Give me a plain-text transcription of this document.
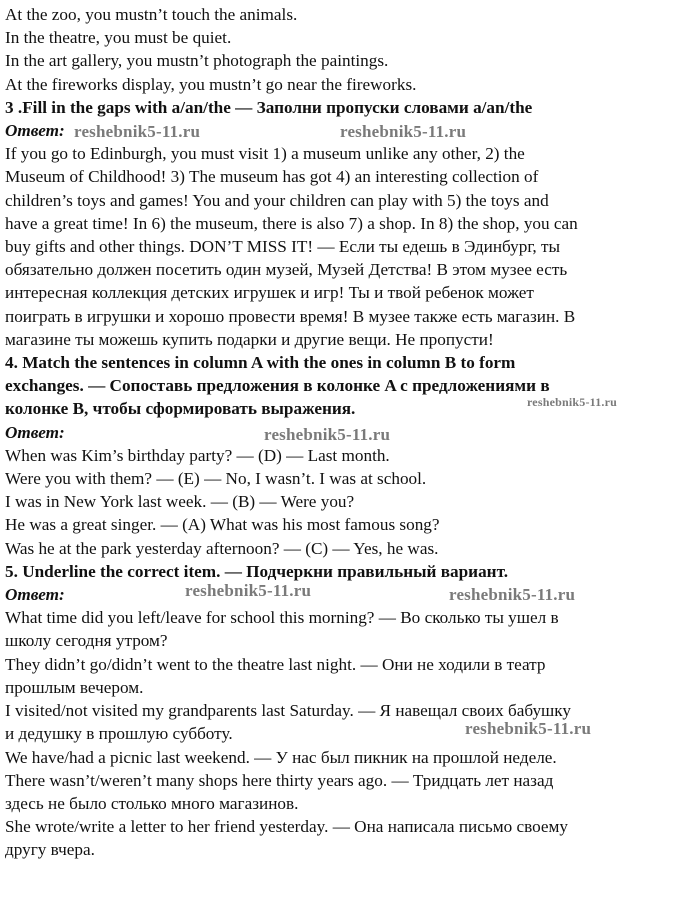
At the zoo, you mustn’t touch the animals.
In the theatre, you must be quiet.
In the art gallery, you mustn’t photograph the paintings.
At the fireworks display, you mustn’t go near the fireworks.
3 .Fill in the gaps with a/an/the — Заполни пропуски словами a/an/the
Ответ:
If you go to Edinburgh, you must visit 1) a museum unlike any other, 2) the
Museum of Childhood! 3) The museum has got 4) an interesting collection of
children’s toys and games! You and your children can play with 5) the toys and
have a great time! In 6) the museum, there is also 7) a shop. In 8) the shop, you can
buy gifts and other things. DON’T MISS IT! — Если ты едешь в Эдинбург, ты
обязательно должен посетить один музей, Музей Детства! В этом музее есть
интересная коллекция детских игрушек и игр! Ты и твой ребенок может
поиграть в игрушки и хорошо провести время! В музее также есть магазин. В
магазине ты можешь купить подарки и другие вещи. Не пропусти!
4. Match the sentences in column A with the ones in column B to form
exchanges. — Сопоставь предложения в колонке A с предложениями в
колонке B, чтобы сформировать выражения.
Ответ:
When was Kim’s birthday party? — (D) — Last month.
Were you with them? — (E) — No, I wasn’t. I was at school.
I was in New York last week. — (B) — Were you?
He was a great singer. — (A) What was his most famous song?
Was he at the park yesterday afternoon? — (C) — Yes, he was.
5. Underline the correct item. — Подчеркни правильный вариант.
Ответ:
What time did you left/leave for school this morning? — Во сколько ты ушел в
школу сегодня утром?
They didn’t go/didn’t went to the theatre last night. — Они не ходили в театр
прошлым вечером.
I visited/not visited my grandparents last Saturday. — Я навещал своих бабушку
и дедушку в прошлую субботу.
We have/had a picnic last weekend. — У нас был пикник на прошлой неделе.
There wasn’t/weren’t many shops here thirty years ago. — Тридцать лет назад
здесь не было столько много магазинов.
She wrote/write a letter to her friend yesterday. — Она написала письмо своему
другу вчера.
reshebnik5-11.ru	reshebnik5-11.ru
reshebnik5-11.ru
reshebnik5-11.ru
reshebnik5-11.ru	reshebnik5-11.ru
reshebnik5-11.ru
